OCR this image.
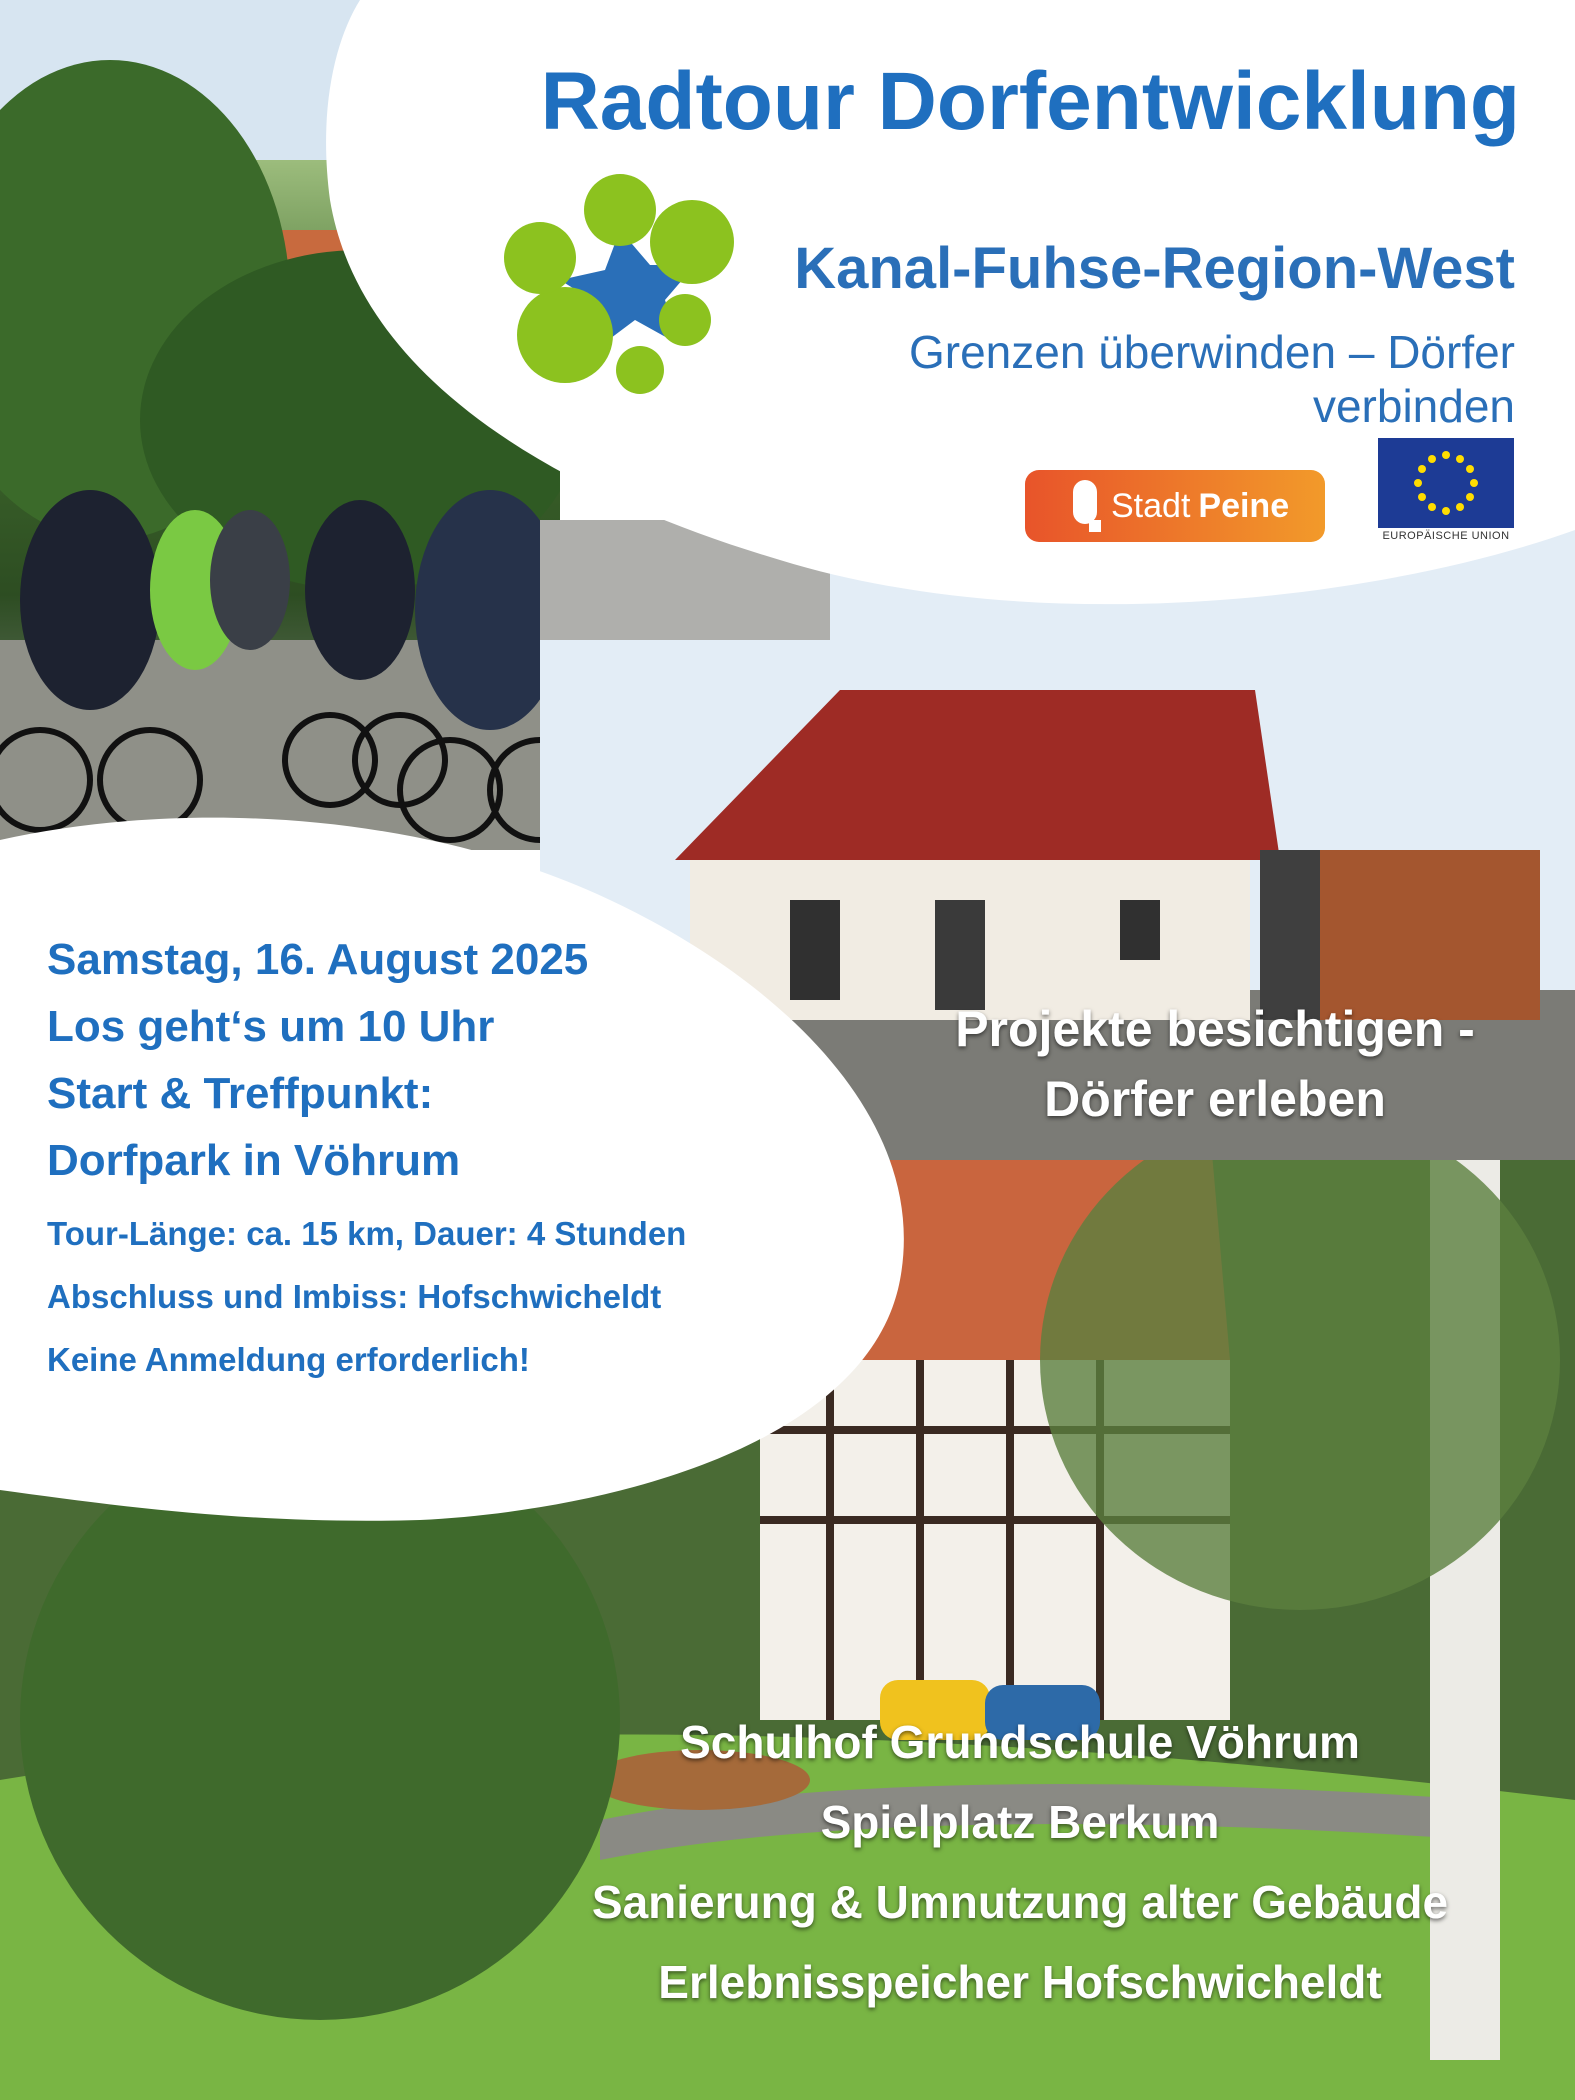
Radtour Dorfentwicklung
Kanal-Fuhse-Region-West
Grenzen überwinden – Dörfer verbinden
Stadt Peine
EUROPÄISCHE UNION
Samstag, 16. August 2025
Los geht‘s um 10 Uhr
Start & Treffpunkt:
Dorfpark in Vöhrum
Tour-Länge: ca. 15 km, Dauer: 4 Stunden
Abschluss und Imbiss: Hofschwicheldt
Keine Anmeldung erforderlich!
Projekte besichtigen -
Dörfer erleben
Schulhof Grundschule Vöhrum
Spielplatz Berkum
Sanierung & Umnutzung alter Gebäude
Erlebnisspeicher Hofschwicheldt
